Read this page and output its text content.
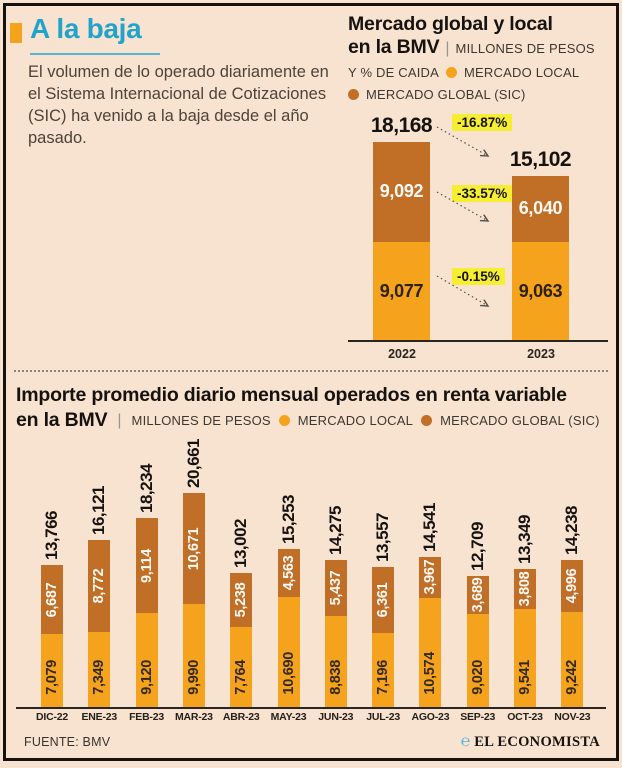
A la baja

El volumen de lo operado diariamente en el Sistema Internacional de Cotizaciones (SIC) ha venido a la baja desde el año pasado.

Mercado global y local
en la BMV | MILLONES DE PESOS
Y % DE CAIDA MERCADO LOCAL
MERCADO GLOBAL (SIC)
18,168
9,092
9,077
15,102
6,040
9,063
2022	2023
-16.87%
-33.57%
-0.15%
Importe promedio diario mensual operados en renta variable
en la BMV | MILLONES DE PESOS MERCADO LOCAL MERCADO GLOBAL (SIC)
13,766
6,687
7,079
16,121
8,772
7,349
18,234
9,114
9,120
20,661
10,671
9,990
13,002
5,238
7,764
15,253
4,563
10,690
14,275
5,437
8,838
13,557
6,361
7,196
14,541
3,967
10,574
12,709
3,689
9,020
13,349
3,808
9,541
14,238
4,996
9,242
DIC-22	ENE-23	FEB-23	MAR-23 ABR-23	MAY-23	JUN-23	JUL-23	AGO-23	SEP-23	OCT-23	NOV-23
FUENTE: BMV	℮ EL ECONOMISTA
